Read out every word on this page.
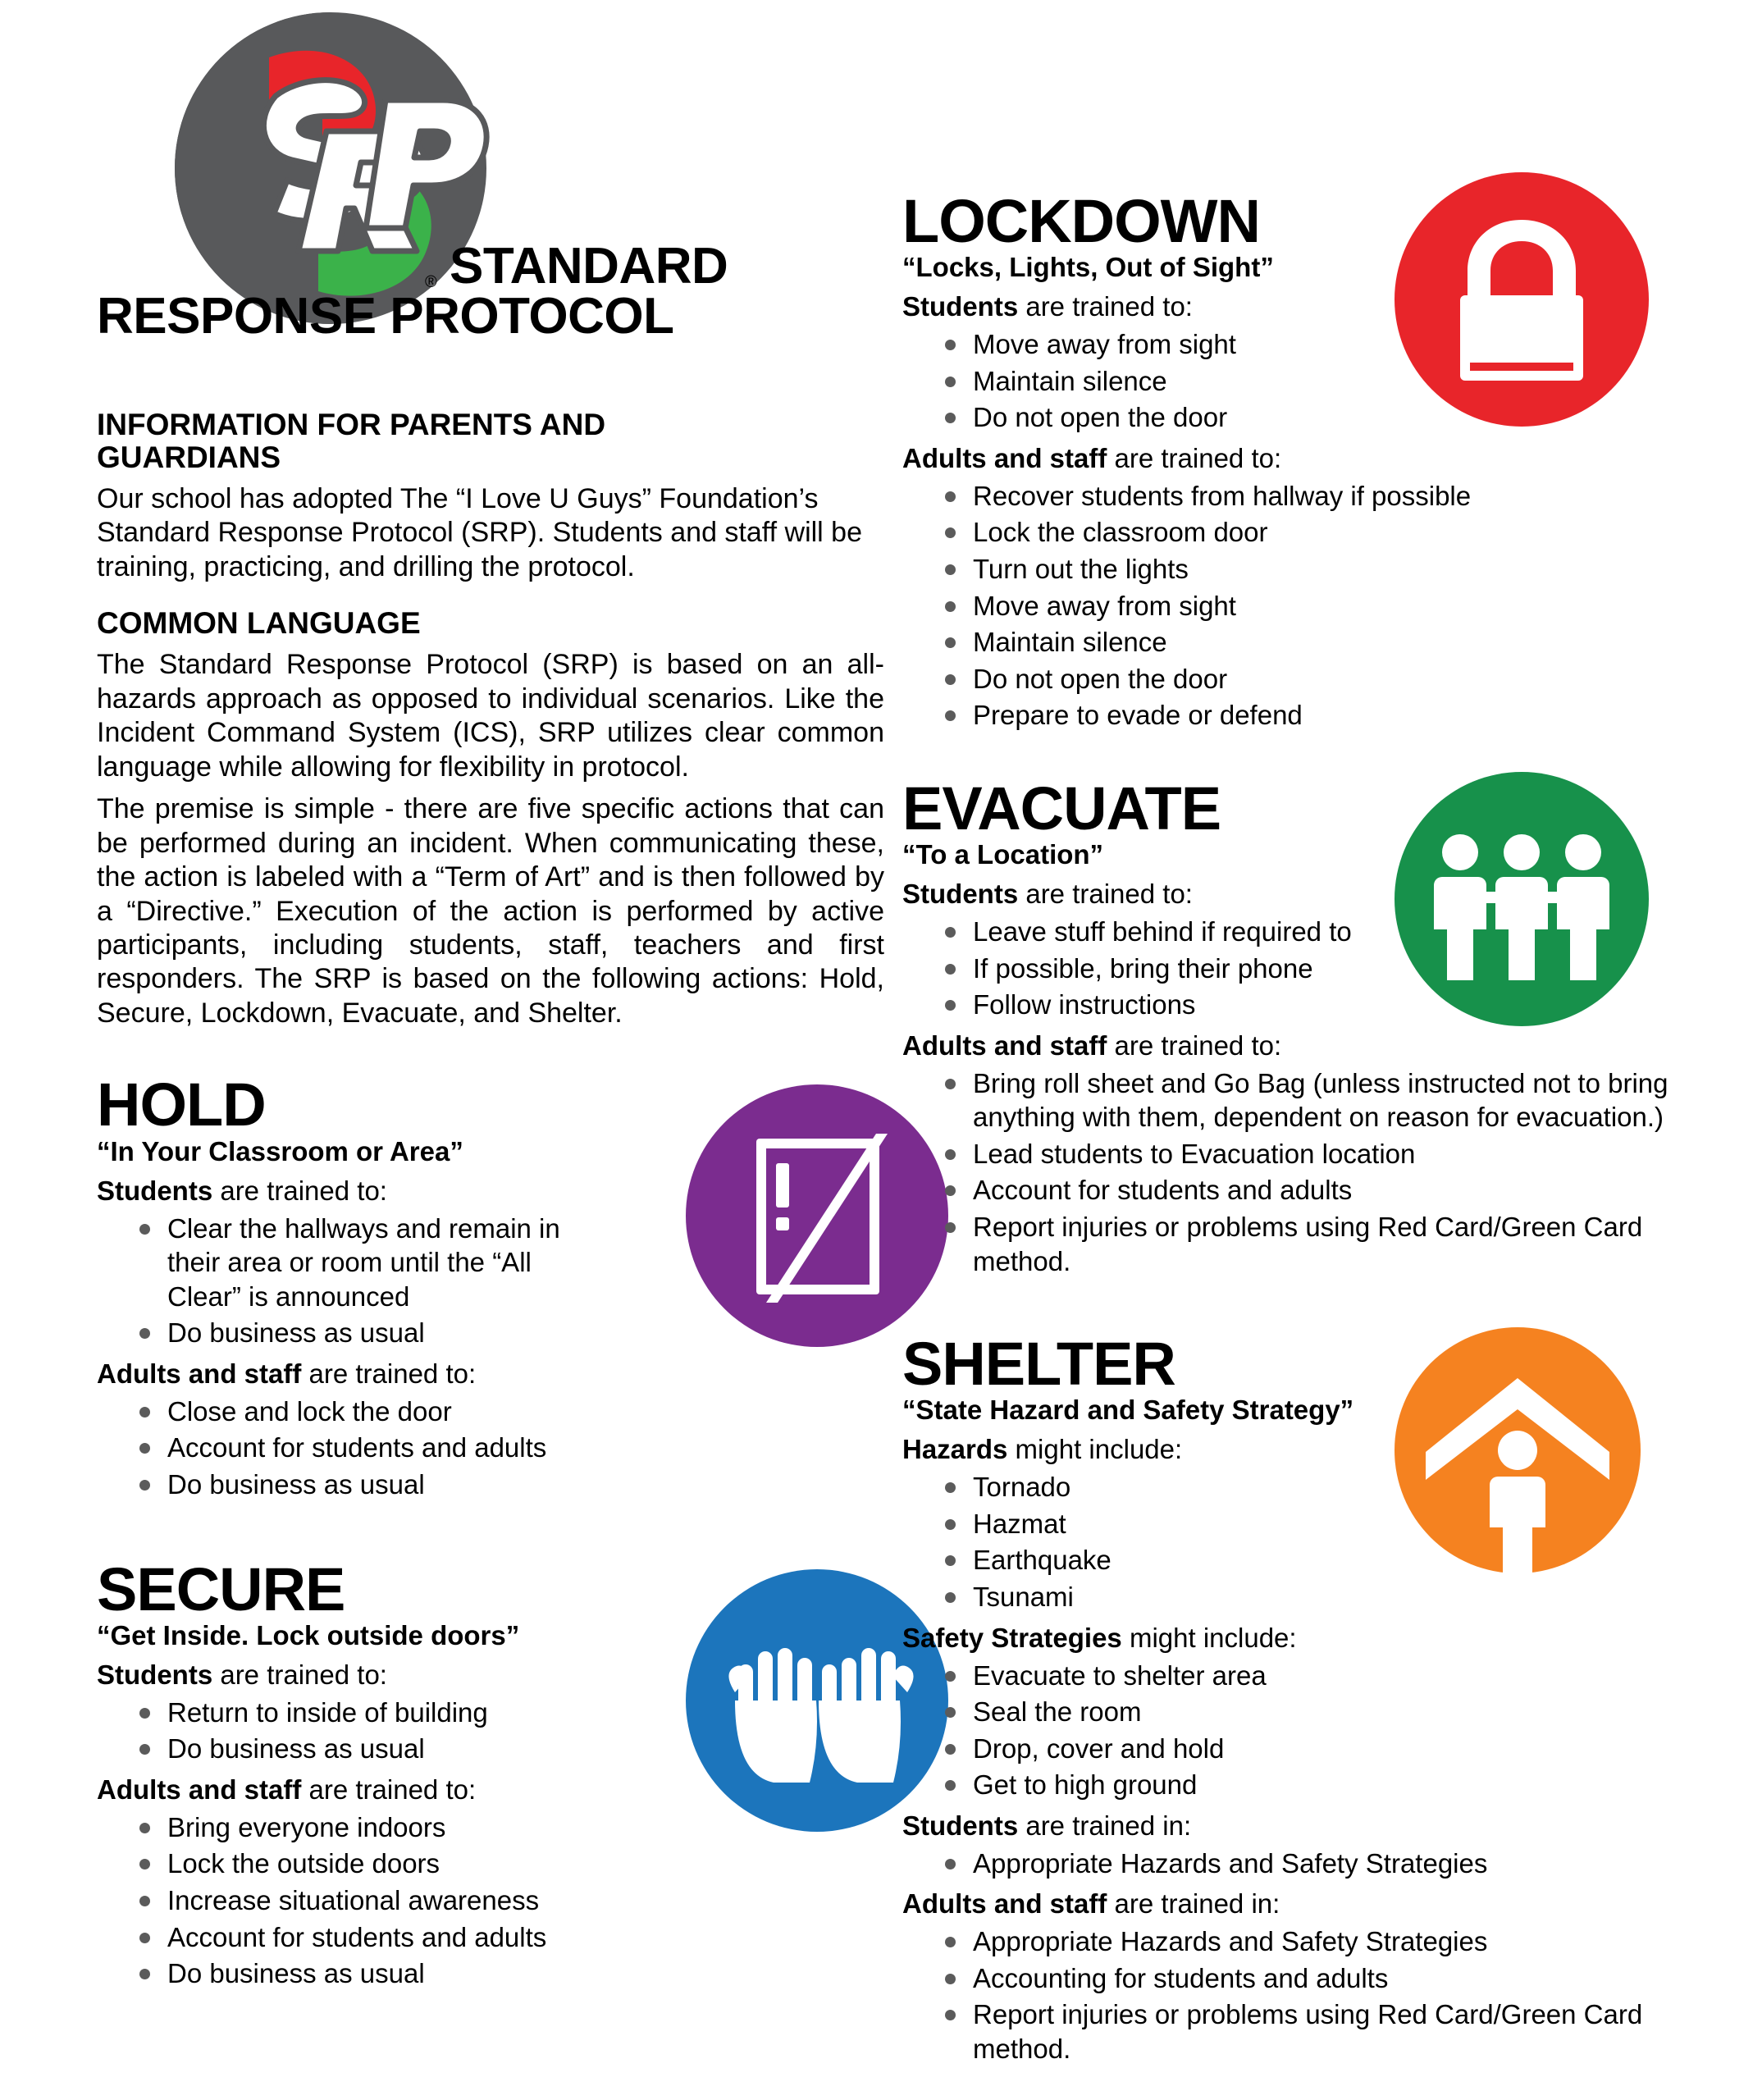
® STANDARD
RESPONSE PROTOCOL
INFORMATION FOR PARENTS AND GUARDIANS

Our school has adopted The “I Love U Guys” Foundation’s Standard Response Protocol (SRP). Students and staff will be training, practicing, and drilling the protocol.

COMMON LANGUAGE

The Standard Response Protocol (SRP) is based on an all-hazards approach as opposed to individual scenarios. Like the Incident Command System (ICS), SRP utilizes clear common language while allowing for flexibility in protocol.

The premise is simple - there are five specific actions that can be performed during an incident. When communicating these, the action is labeled with a “Term of Art” and is then followed by a “Directive.” Execution of the action is performed by active participants, including students, staff, teachers and first responders. The SRP is based on the following actions: Hold, Secure, Lockdown, Evacuate, and Shelter.

HOLD
“In Your Classroom or Area”
Students are trained to:
Clear the hallways and remain in their area or room until the “All Clear” is announced
Do business as usual
Adults and staff are trained to:
Close and lock the door
Account for students and adults
Do business as usual
SECURE
“Get Inside. Lock outside doors”
Students are trained to:
Return to inside of building
Do business as usual
Adults and staff are trained to:
Bring everyone indoors
Lock the outside doors
Increase situational awareness
Account for students and adults
Do business as usual
LOCKDOWN
“Locks, Lights, Out of Sight”
Students are trained to:
Move away from sight
Maintain silence
Do not open the door
Adults and staff are trained to:
Recover students from hallway if possible
Lock the classroom door
Turn out the lights
Move away from sight
Maintain silence
Do not open the door
Prepare to evade or defend
EVACUATE
“To a Location”
Students are trained to:
Leave stuff behind if required to
If possible, bring their phone
Follow instructions
Adults and staff are trained to:
Bring roll sheet and Go Bag (unless instructed not to bring anything with them, dependent on reason for evacuation.)
Lead students to Evacuation location
Account for students and adults
Report injuries or problems using Red Card/Green Card method.
SHELTER
“State Hazard and Safety Strategy”
Hazards might include:
Tornado
Hazmat
Earthquake
Tsunami
Safety Strategies might include:
Evacuate to shelter area
Seal the room
Drop, cover and hold
Get to high ground
Students are trained in:
Appropriate Hazards and Safety Strategies
Adults and staff are trained in:
Appropriate Hazards and Safety Strategies
Accounting for students and adults
Report injuries or problems using Red Card/Green Card method.
